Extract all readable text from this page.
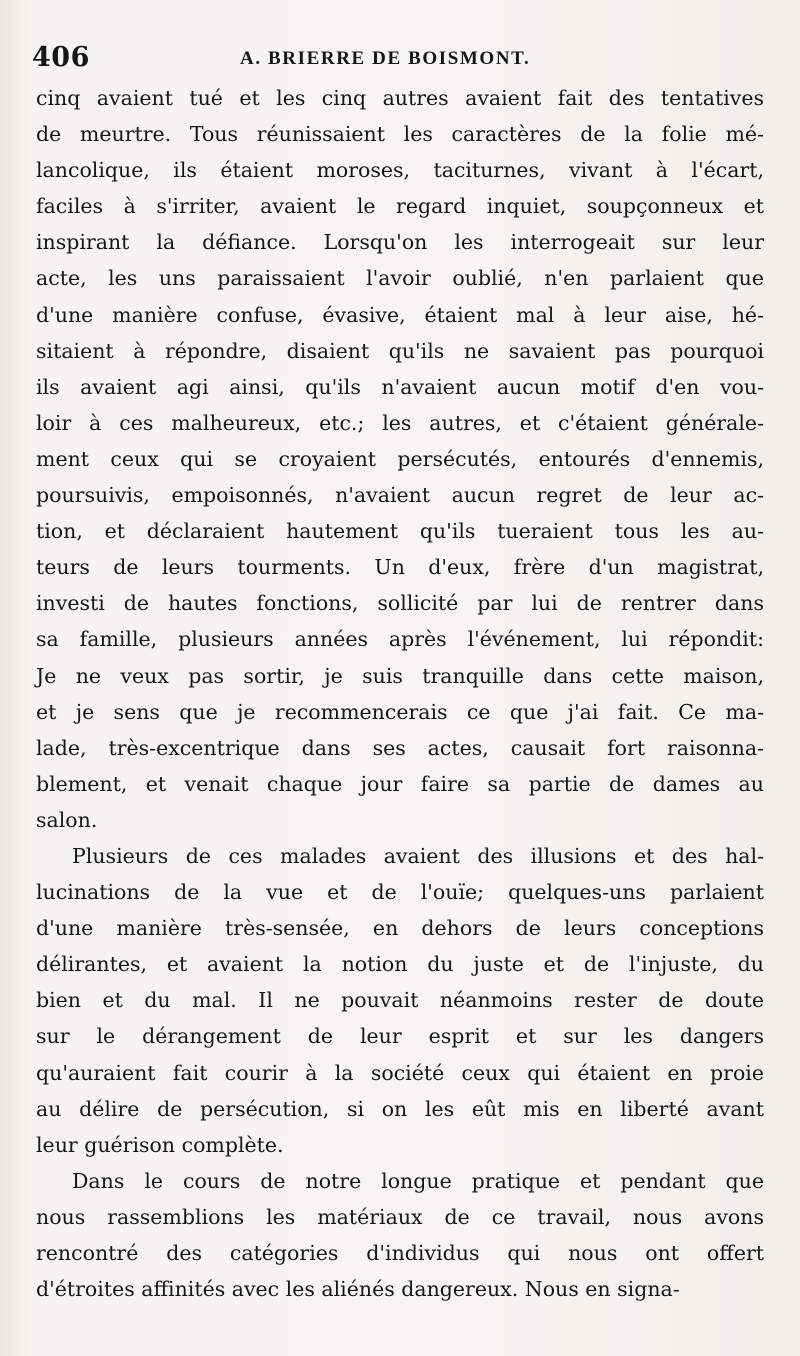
406	A. BRIERRE DE BOISMONT.
cinq avaient tué et les cinq autres avaient fait des tentatives
de meurtre. Tous réunissaient les caractères de la folie mé-
lancolique, ils étaient moroses, taciturnes, vivant à l'écart,
faciles à s'irriter, avaient le regard inquiet, soupçonneux et
inspirant la défiance. Lorsqu'on les interrogeait sur leur
acte, les uns paraissaient l'avoir oublié, n'en parlaient que
d'une manière confuse, évasive, étaient mal à leur aise, hé-
sitaient à répondre, disaient qu'ils ne savaient pas pourquoi
ils avaient agi ainsi, qu'ils n'avaient aucun motif d'en vou-
loir à ces malheureux, etc.; les autres, et c'étaient générale-
ment ceux qui se croyaient persécutés, entourés d'ennemis,
poursuivis, empoisonnés, n'avaient aucun regret de leur ac-
tion, et déclaraient hautement qu'ils tueraient tous les au-
teurs de leurs tourments. Un d'eux, frère d'un magistrat,
investi de hautes fonctions, sollicité par lui de rentrer dans
sa famille, plusieurs années après l'événement, lui répondit:
Je ne veux pas sortir, je suis tranquille dans cette maison,
et je sens que je recommencerais ce que j'ai fait. Ce ma-
lade, très-excentrique dans ses actes, causait fort raisonna-
blement, et venait chaque jour faire sa partie de dames au
salon.
Plusieurs de ces malades avaient des illusions et des hal-
lucinations de la vue et de l'ouïe; quelques-uns parlaient
d'une manière très-sensée, en dehors de leurs conceptions
délirantes, et avaient la notion du juste et de l'injuste, du
bien et du mal. Il ne pouvait néanmoins rester de doute
sur le dérangement de leur esprit et sur les dangers
qu'auraient fait courir à la société ceux qui étaient en proie
au délire de persécution, si on les eût mis en liberté avant
leur guérison complète.
Dans le cours de notre longue pratique et pendant que
nous rassemblions les matériaux de ce travail, nous avons
rencontré des catégories d'individus qui nous ont offert
d'étroites affinités avec les aliénés dangereux. Nous en signa-
